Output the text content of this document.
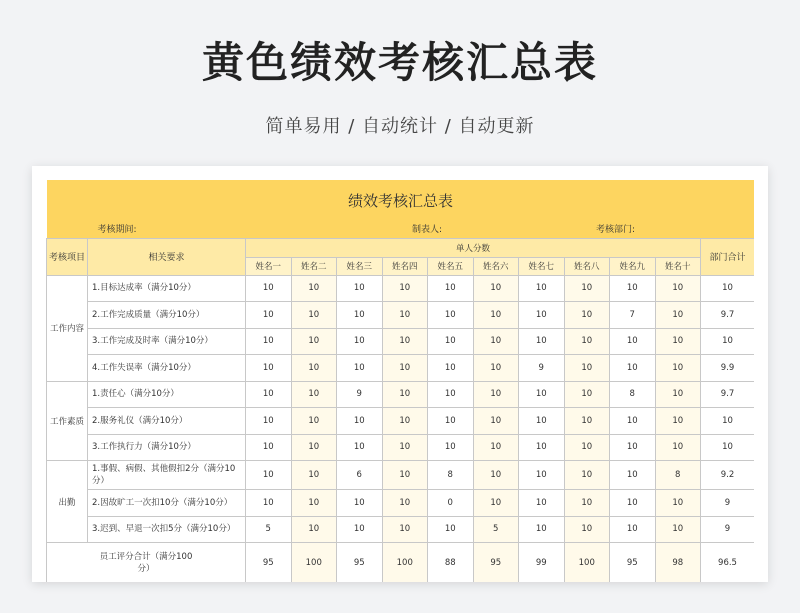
黄色绩效考核汇总表
简单易用 / 自动统计 / 自动更新
绩效考核汇总表												
	考核期间:				制表人:				考核部门:			
考核项目	相关要求	单人分数										部门合计
		姓名一	姓名二	姓名三	姓名四	姓名五	姓名六	姓名七	姓名八	姓名九	姓名十	
工作内容	1.目标达成率（满分10分）	10	10	10	10	10	10	10	10	10	10	10
	2.工作完成质量（满分10分）	10	10	10	10	10	10	10	10	7	10	9.7
	3.工作完成及时率（满分10分）	10	10	10	10	10	10	10	10	10	10	10
	4.工作失误率（满分10分）	10	10	10	10	10	10	9	10	10	10	9.9
工作素质	1.责任心（满分10分）	10	10	9	10	10	10	10	10	8	10	9.7
	2.服务礼仪（满分10分）	10	10	10	10	10	10	10	10	10	10	10
	3.工作执行力（满分10分）	10	10	10	10	10	10	10	10	10	10	10
出勤	1.事假、病假、其他假扣2分（满分10分）	10	10	6	10	8	10	10	10	10	8	9.2
	2.因故旷工一次扣10分（满分10分）	10	10	10	10	0	10	10	10	10	10	9
	3.迟到、早退一次扣5分（满分10分）	5	10	10	10	10	5	10	10	10	10	9
员工评分合计（满分100分）		95	100	95	100	88	95	99	100	95	98	96.5
